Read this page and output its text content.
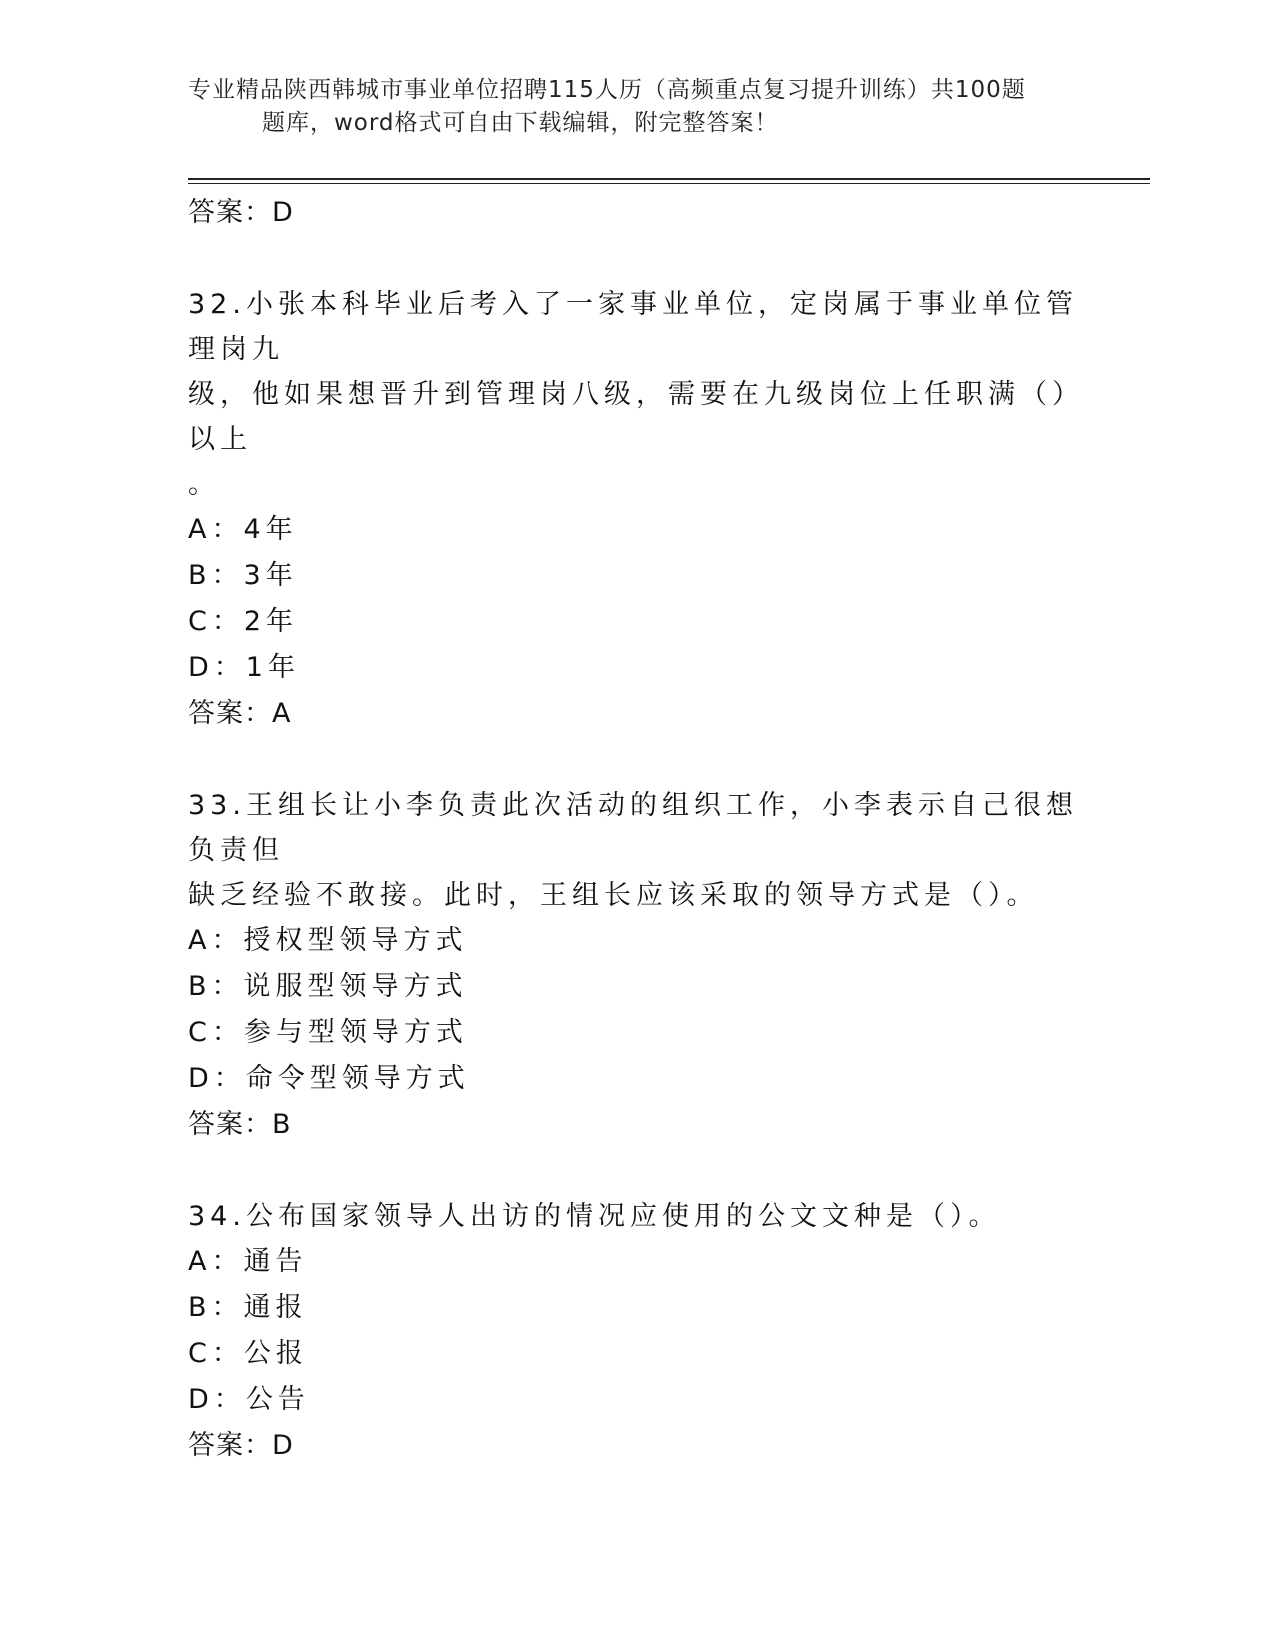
专业精品陕西韩城市事业单位招聘115人历（高频重点复习提升训练）共100题
题库，word格式可自由下载编辑，附完整答案！
答案：D
32.小张本科毕业后考入了一家事业单位，定岗属于事业单位管理岗九
级，他如果想晋升到管理岗八级，需要在九级岗位上任职满（）以上
。
A：4年
B：3年
C：2年
D：1年
答案：A
33.王组长让小李负责此次活动的组织工作，小李表示自己很想负责但
缺乏经验不敢接。此时，王组长应该采取的领导方式是（）。
A：授权型领导方式
B：说服型领导方式
C：参与型领导方式
D：命令型领导方式
答案：B
34.公布国家领导人出访的情况应使用的公文文种是（）。
A：通告
B：通报
C：公报
D：公告
答案：D
